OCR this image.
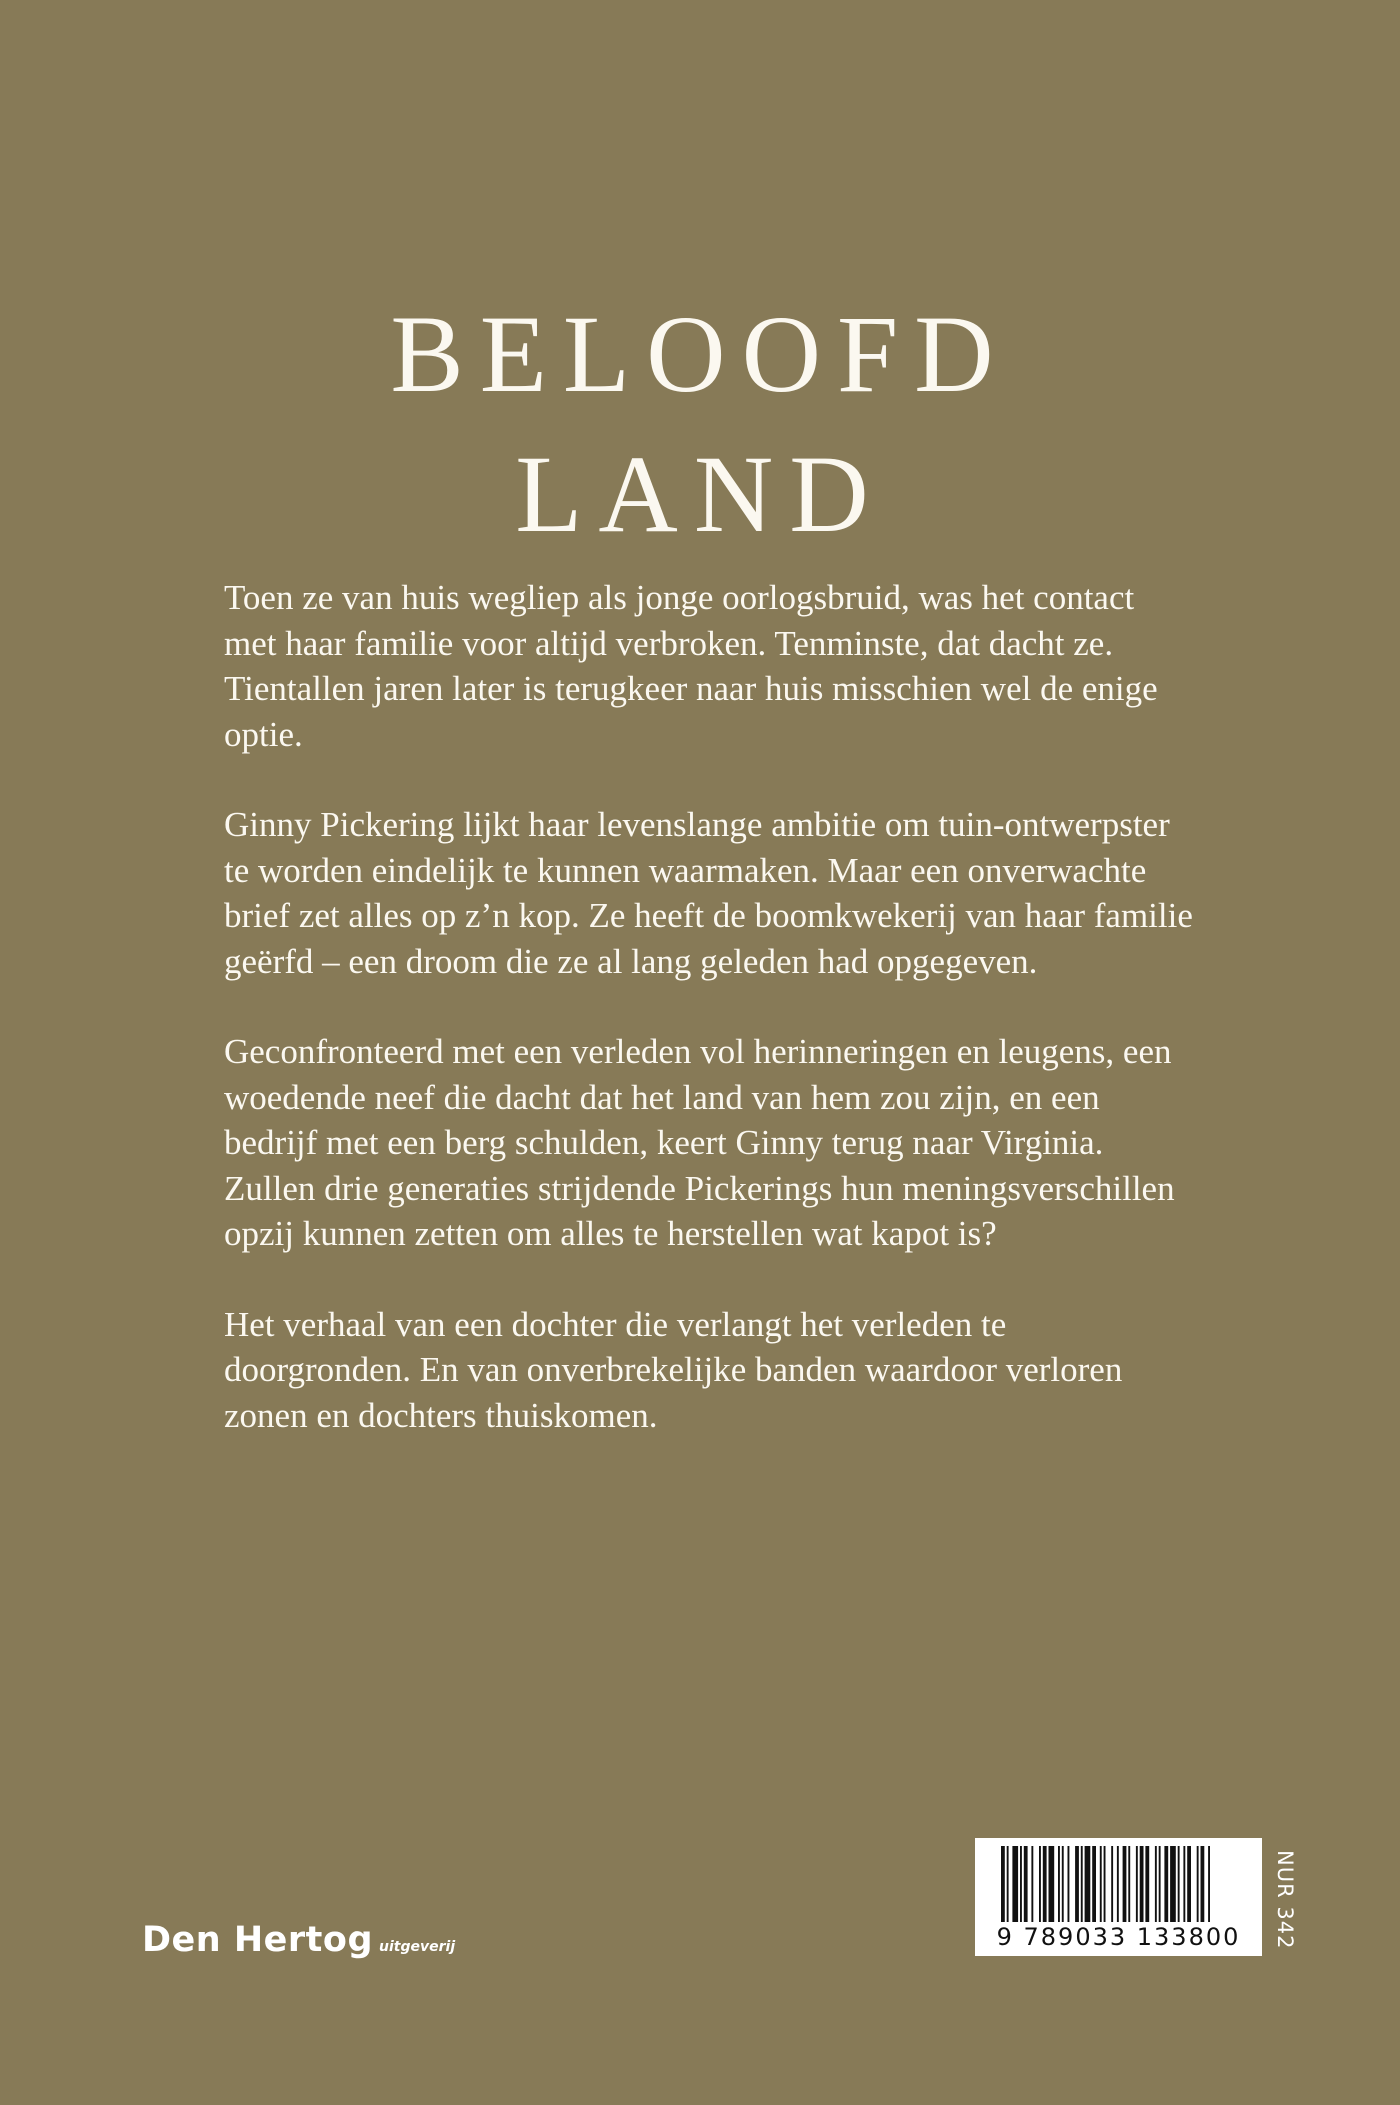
BELOOFD
LAND

Toen ze van huis wegliep als jonge oorlogsbruid, was het contact met haar familie voor altijd verbroken. Tenminste, dat dacht ze. Tientallen jaren later is terugkeer naar huis misschien wel de enige optie.

Ginny Pickering lijkt haar levenslange ambitie om tuin-ontwerpster te worden eindelijk te kunnen waarmaken. Maar een onverwachte brief zet alles op z’n kop. Ze heeft de boomkwekerij van haar familie geërfd – een droom die ze al lang geleden had opgegeven.

Geconfronteerd met een verleden vol herinneringen en leugens, een woedende neef die dacht dat het land van hem zou zijn, en een bedrijf met een berg schulden, keert Ginny terug naar Virginia. Zullen drie generaties strijdende Pickerings hun meningsverschillen opzij kunnen zetten om alles te herstellen wat kapot is?

Het verhaal van een dochter die verlangt het verleden te doorgronden. En van onverbrekelijke banden waardoor verloren zonen en dochters thuiskomen.

Den Hertog uitgeverij	9 789033 133800	NUR 342
